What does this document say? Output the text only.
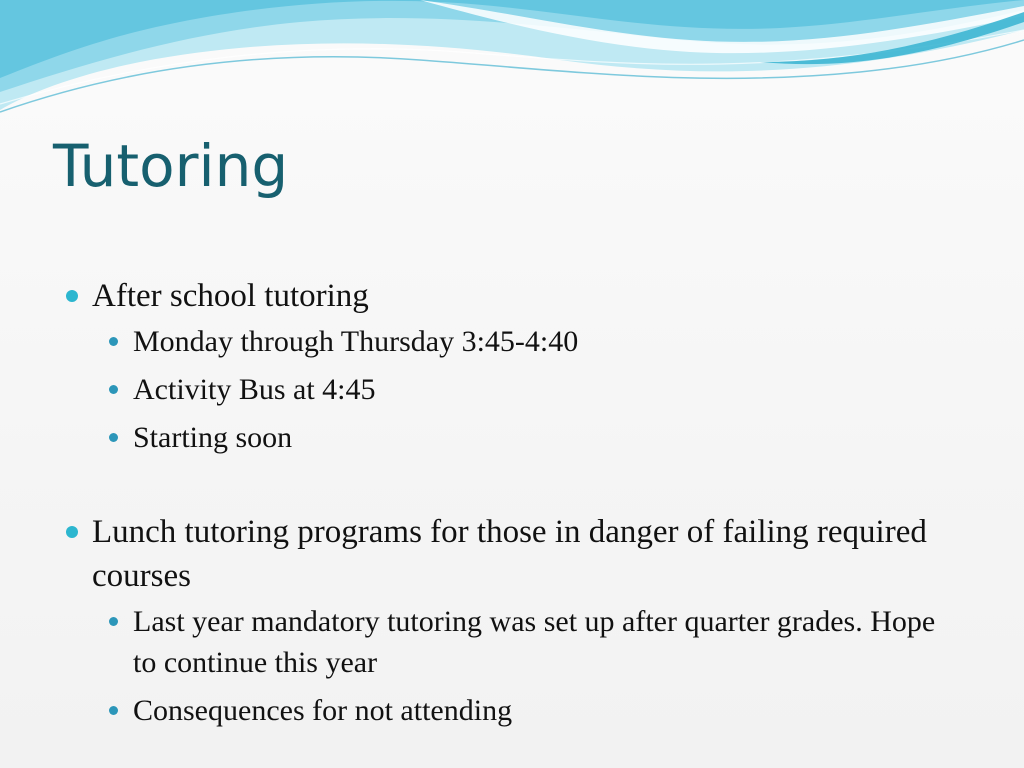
Tutoring
After school tutoring
Monday through Thursday 3:45-4:40
Activity Bus at 4:45
Starting soon
Lunch tutoring programs for those in danger of failing required courses
Last year mandatory tutoring was set up after quarter grades. Hope to continue this year
Consequences for not attending
